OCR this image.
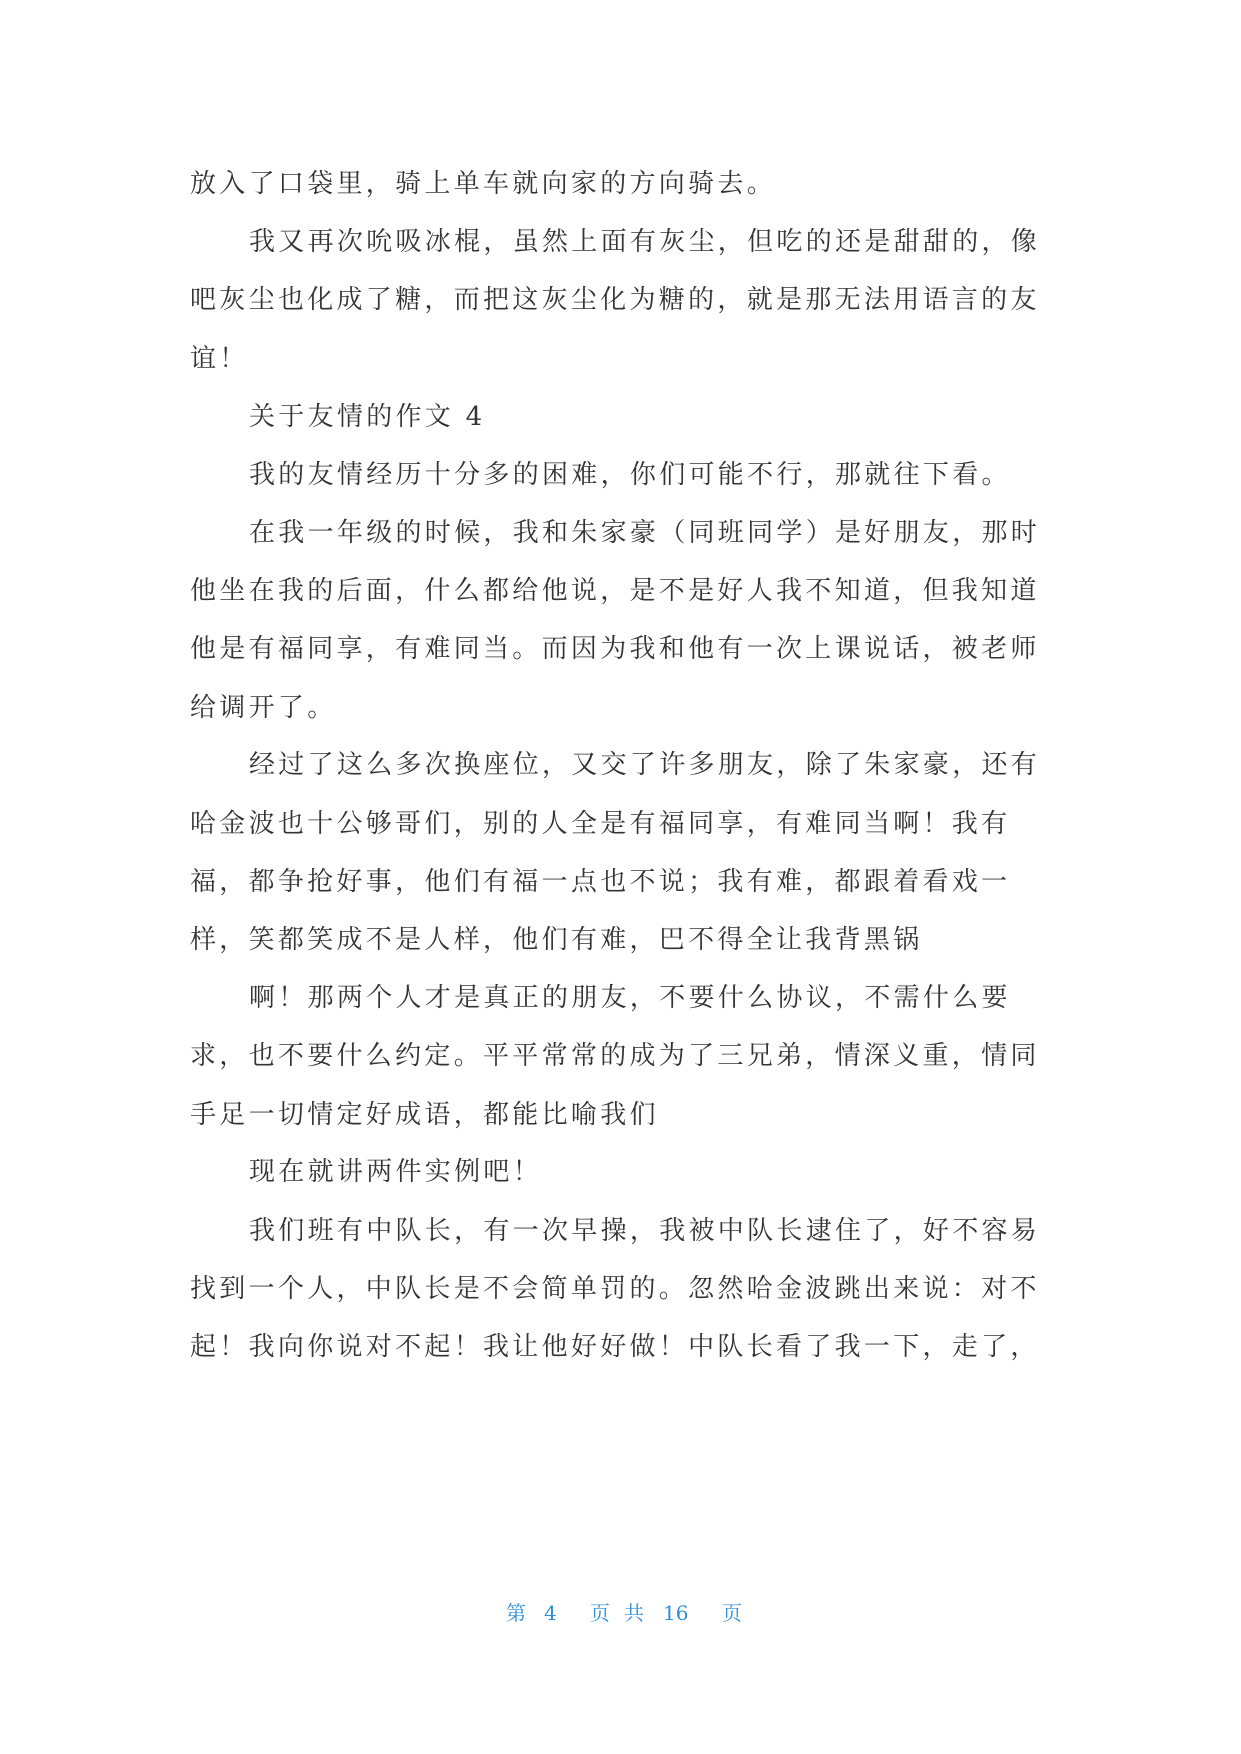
放入了口袋里，骑上单车就向家的方向骑去。
我又再次吮吸冰棍，虽然上面有灰尘，但吃的还是甜甜的，像
吧灰尘也化成了糖，而把这灰尘化为糖的，就是那无法用语言的友
谊！
关于友情的作文 4
我的友情经历十分多的困难，你们可能不行，那就往下看。
在我一年级的时候，我和朱家豪（同班同学）是好朋友，那时
他坐在我的后面，什么都给他说，是不是好人我不知道，但我知道
他是有福同享，有难同当。而因为我和他有一次上课说话，被老师
给调开了。
经过了这么多次换座位，又交了许多朋友，除了朱家豪，还有
哈金波也十公够哥们，别的人全是有福同享，有难同当啊！我有
福，都争抢好事，他们有福一点也不说；我有难，都跟着看戏一
样，笑都笑成不是人样，他们有难，巴不得全让我背黑锅
啊！那两个人才是真正的朋友，不要什么协议，不需什么要
求，也不要什么约定。平平常常的成为了三兄弟，情深义重，情同
手足一切情定好成语，都能比喻我们
现在就讲两件实例吧！
我们班有中队长，有一次早操，我被中队长逮住了，好不容易
找到一个人，中队长是不会简单罚的。忽然哈金波跳出来说：对不
起！我向你说对不起！我让他好好做！中队长看了我一下，走了，
第 4 页共 16 页
